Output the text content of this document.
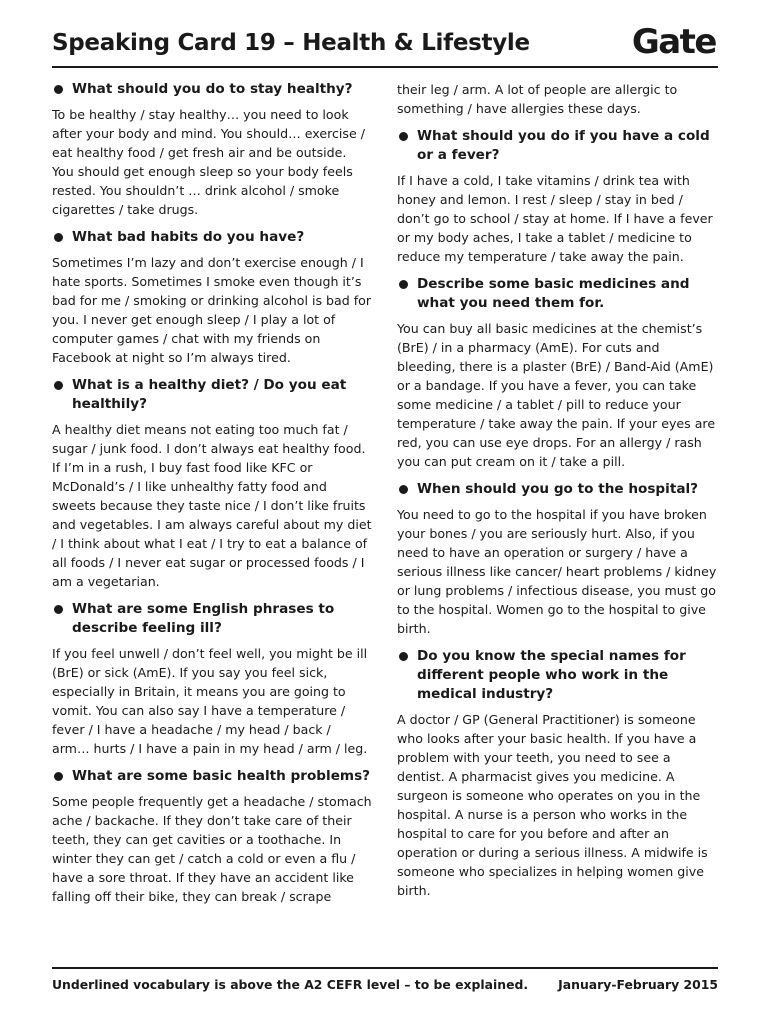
Speaking Card 19 – Health & Lifestyle	Gate
What should you do to stay healthy?

To be healthy / stay healthy… you need to look after your body and mind. You should… exercise / eat healthy food / get fresh air and be outside. You should get enough sleep so your body feels rested. You shouldn’t … drink alcohol / smoke cigarettes / take drugs.

What bad habits do you have?

Sometimes I’m lazy and don’t exercise enough / I hate sports. Sometimes I smoke even though it’s bad for me / smoking or drinking alcohol is bad for you. I never get enough sleep / I play a lot of computer games / chat with my friends on Facebook at night so I’m always tired.

What is a healthy diet? / Do you eat healthily?

A healthy diet means not eating too much fat / sugar / junk food. I don’t always eat healthy food. If I’m in a rush, I buy fast food like KFC or McDonald’s / I like unhealthy fatty food and sweets because they taste nice / I don’t like fruits and vegetables. I am always careful about my diet / I think about what I eat / I try to eat a balance of all foods / I never eat sugar or processed foods / I am a vegetarian.

What are some English phrases to describe feeling ill?

If you feel unwell / don’t feel well, you might be ill (BrE) or sick (AmE). If you say you feel sick, especially in Britain, it means you are going to vomit. You can also say I have a temperature / fever / I have a headache / my head / back / arm… hurts / I have a pain in my head / arm / leg.

What are some basic health problems?

Some people frequently get a headache / stomach ache / backache. If they don’t take care of their teeth, they can get cavities or a toothache. In winter they can get / catch a cold or even a flu / have a sore throat. If they have an accident like falling off their bike, they can break / scrape

their leg / arm. A lot of people are allergic to something / have allergies these days.

What should you do if you have a cold or a fever?

If I have a cold, I take vitamins / drink tea with honey and lemon. I rest / sleep / stay in bed / don’t go to school / stay at home. If I have a fever or my body aches, I take a tablet / medicine to reduce my temperature / take away the pain.

Describe some basic medicines and what you need them for.

You can buy all basic medicines at the chemist’s (BrE) / in a pharmacy (AmE). For cuts and bleeding, there is a plaster (BrE) / Band-Aid (AmE) or a bandage. If you have a fever, you can take some medicine / a tablet / pill to reduce your temperature / take away the pain. If your eyes are red, you can use eye drops. For an allergy / rash you can put cream on it / take a pill.

When should you go to the hospital?

You need to go to the hospital if you have broken your bones / you are seriously hurt. Also, if you need to have an operation or surgery / have a serious illness like cancer/ heart problems / kidney or lung problems / infectious disease, you must go to the hospital. Women go to the hospital to give birth.

Do you know the special names for different people who work in the medical industry?

A doctor / GP (General Practitioner) is someone who looks after your basic health. If you have a problem with your teeth, you need to see a dentist. A pharmacist gives you medicine. A surgeon is someone who operates on you in the hospital. A nurse is a person who works in the hospital to care for you before and after an operation or during a serious illness. A midwife is someone who specializes in helping women give birth.

Underlined vocabulary is above the A2 CEFR level – to be explained. January-February 2015
